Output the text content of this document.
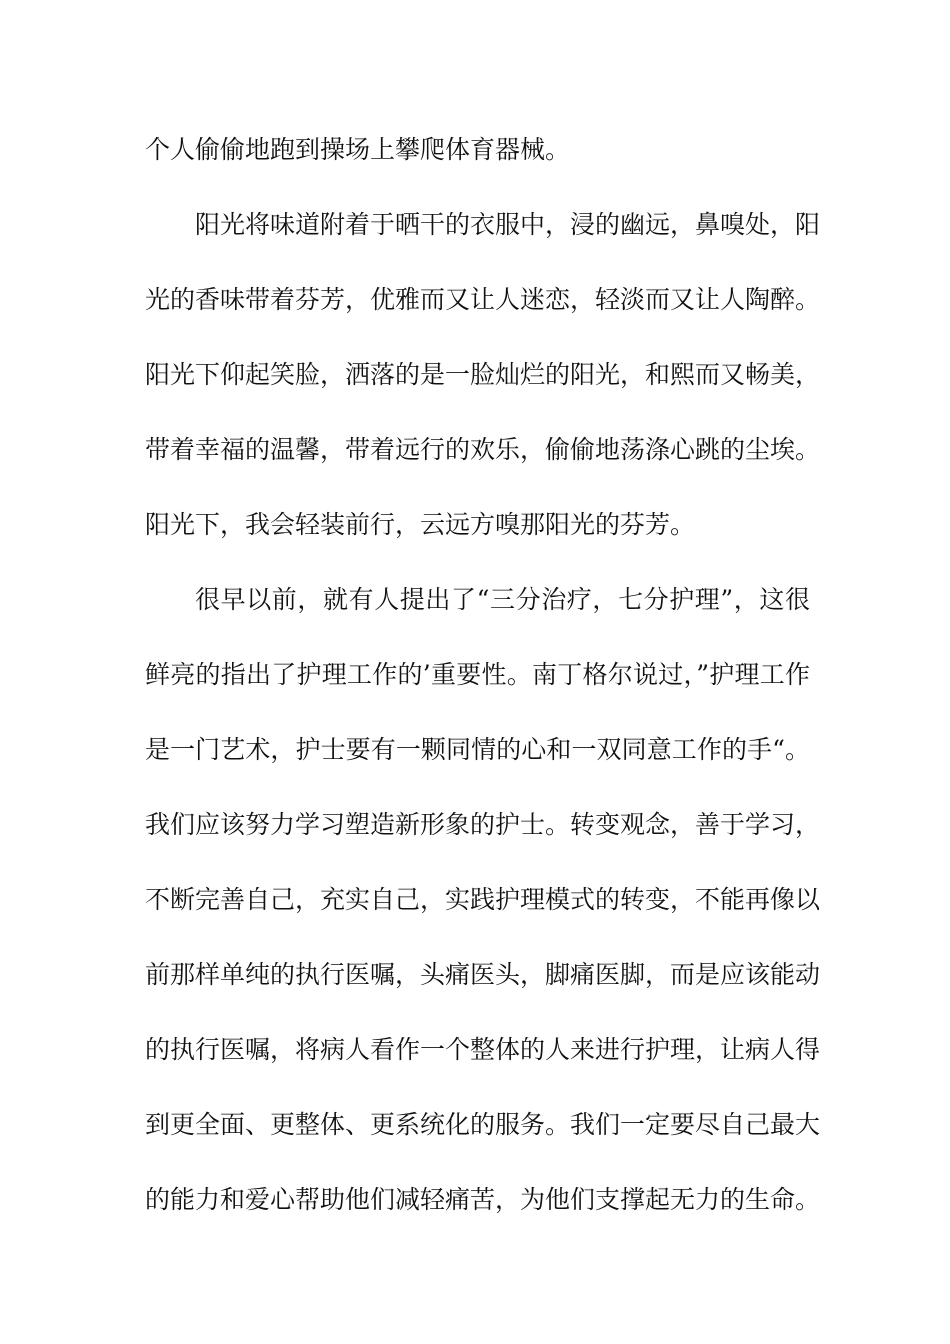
个人偷偷地跑到操场上攀爬体育器械。
阳光将味道附着于晒干的衣服中，浸的幽远，鼻嗅处，阳
光的香味带着芬芳，优雅而又让人迷恋，轻淡而又让人陶醉。
阳光下仰起笑脸，洒落的是一脸灿烂的阳光，和熙而又畅美，
带着幸福的温馨，带着远行的欢乐，偷偷地荡涤心跳的尘埃。
阳光下，我会轻装前行，云远方嗅那阳光的芬芳。
很早以前，就有人提出了“三分治疗，七分护理”，这很
鲜亮的指出了护理工作的’重要性。南丁格尔说过，”护理工作
是一门艺术，护士要有一颗同情的心和一双同意工作的手“。
我们应该努力学习塑造新形象的护士。转变观念，善于学习，
不断完善自己，充实自己，实践护理模式的转变，不能再像以
前那样单纯的执行医嘱，头痛医头，脚痛医脚，而是应该能动
的执行医嘱，将病人看作一个整体的人来进行护理，让病人得
到更全面、更整体、更系统化的服务。我们一定要尽自己最大
的能力和爱心帮助他们减轻痛苦，为他们支撑起无力的生命。
